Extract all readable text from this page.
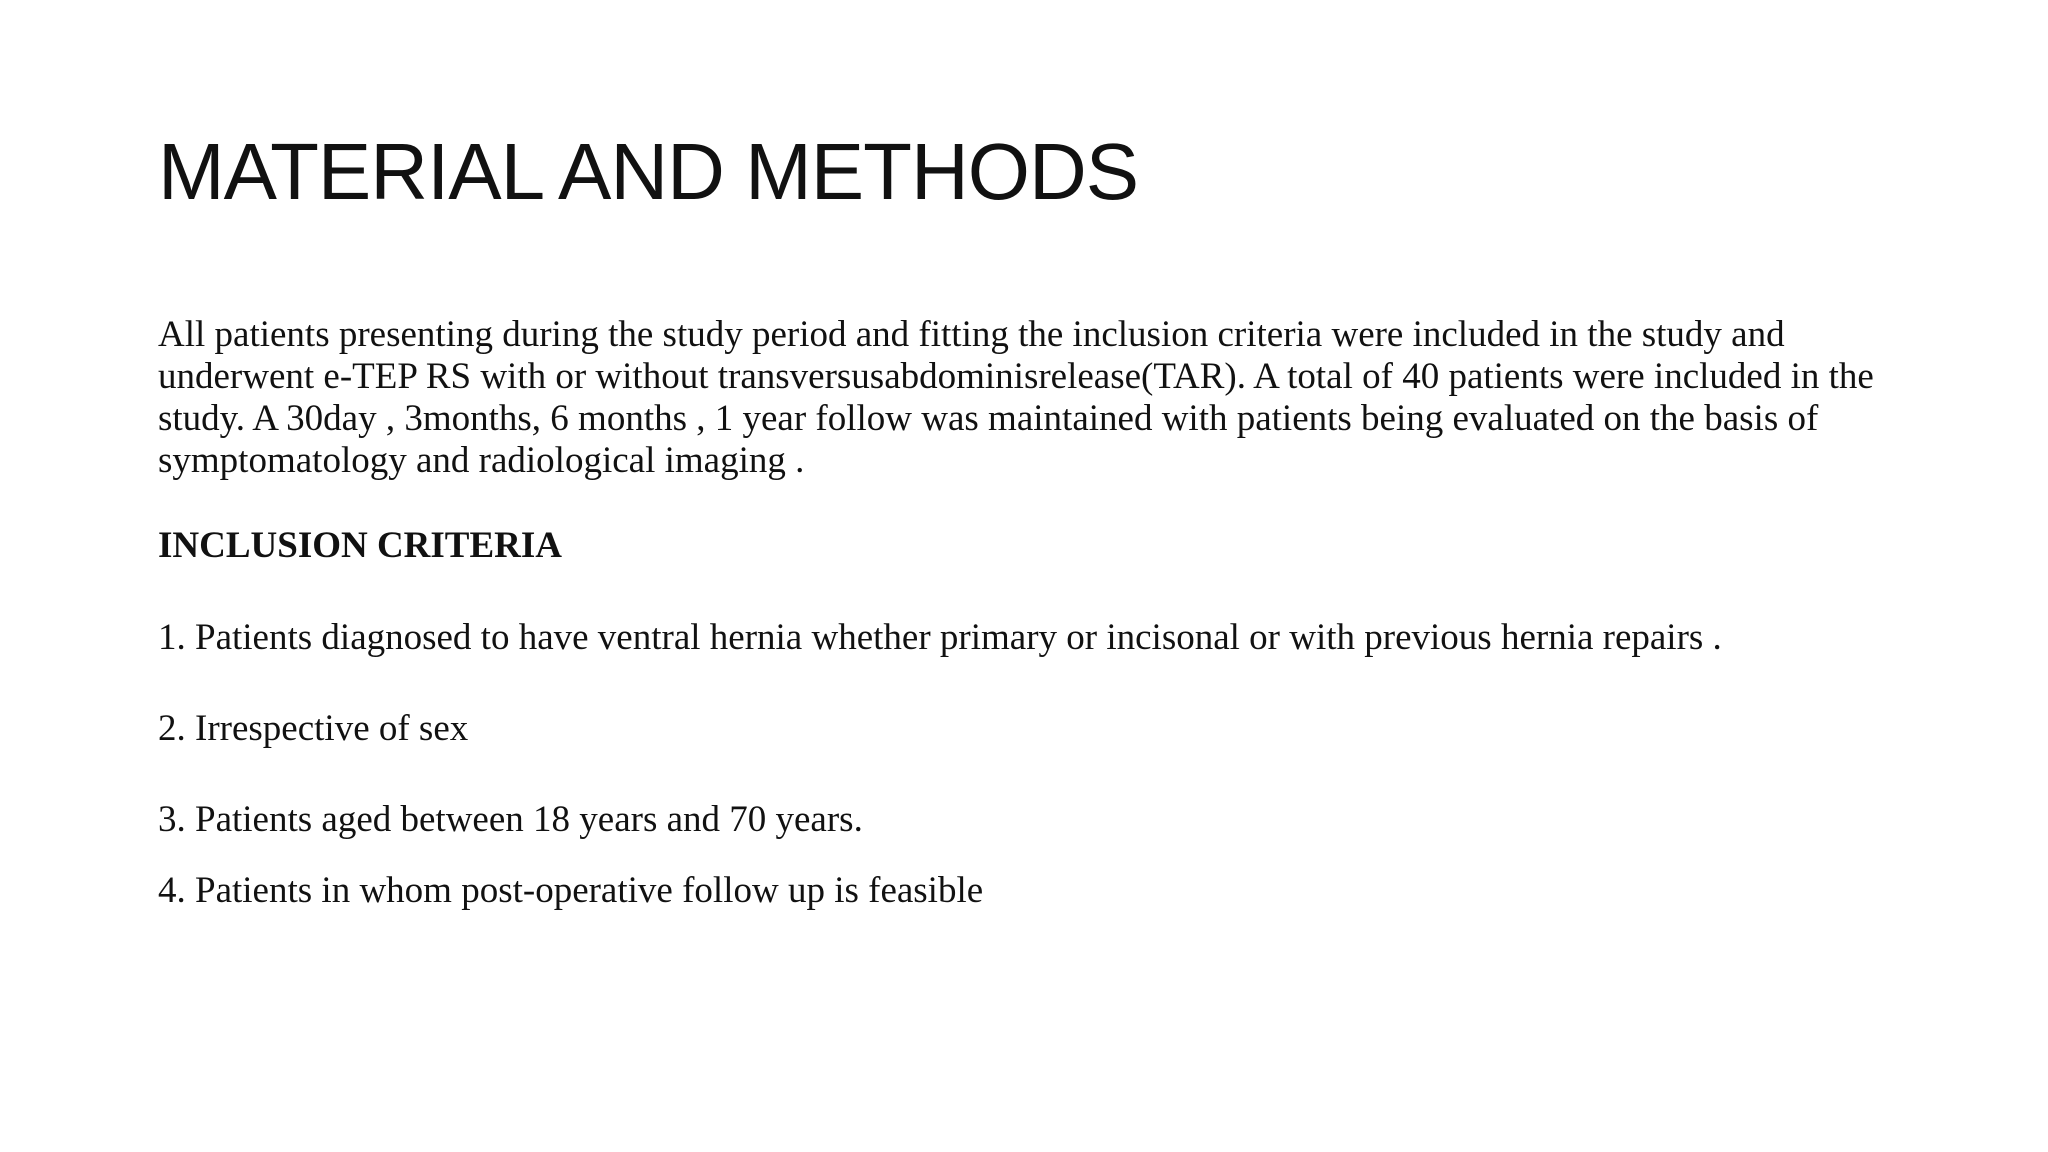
MATERIAL AND METHODS

All patients presenting during the study period and fitting the inclusion criteria were included in the study and underwent e-TEP RS with or without transversusabdominisrelease(TAR). A total of 40 patients were included in the study. A 30day , 3months, 6 months , 1 year follow was maintained with patients being evaluated on the basis of symptomatology and radiological imaging .

INCLUSION CRITERIA

1. Patients diagnosed to have ventral hernia whether primary or incisonal or with previous hernia repairs .

2. Irrespective of sex

3. Patients aged between 18 years and 70 years.

4. Patients in whom post-operative follow up is feasible
